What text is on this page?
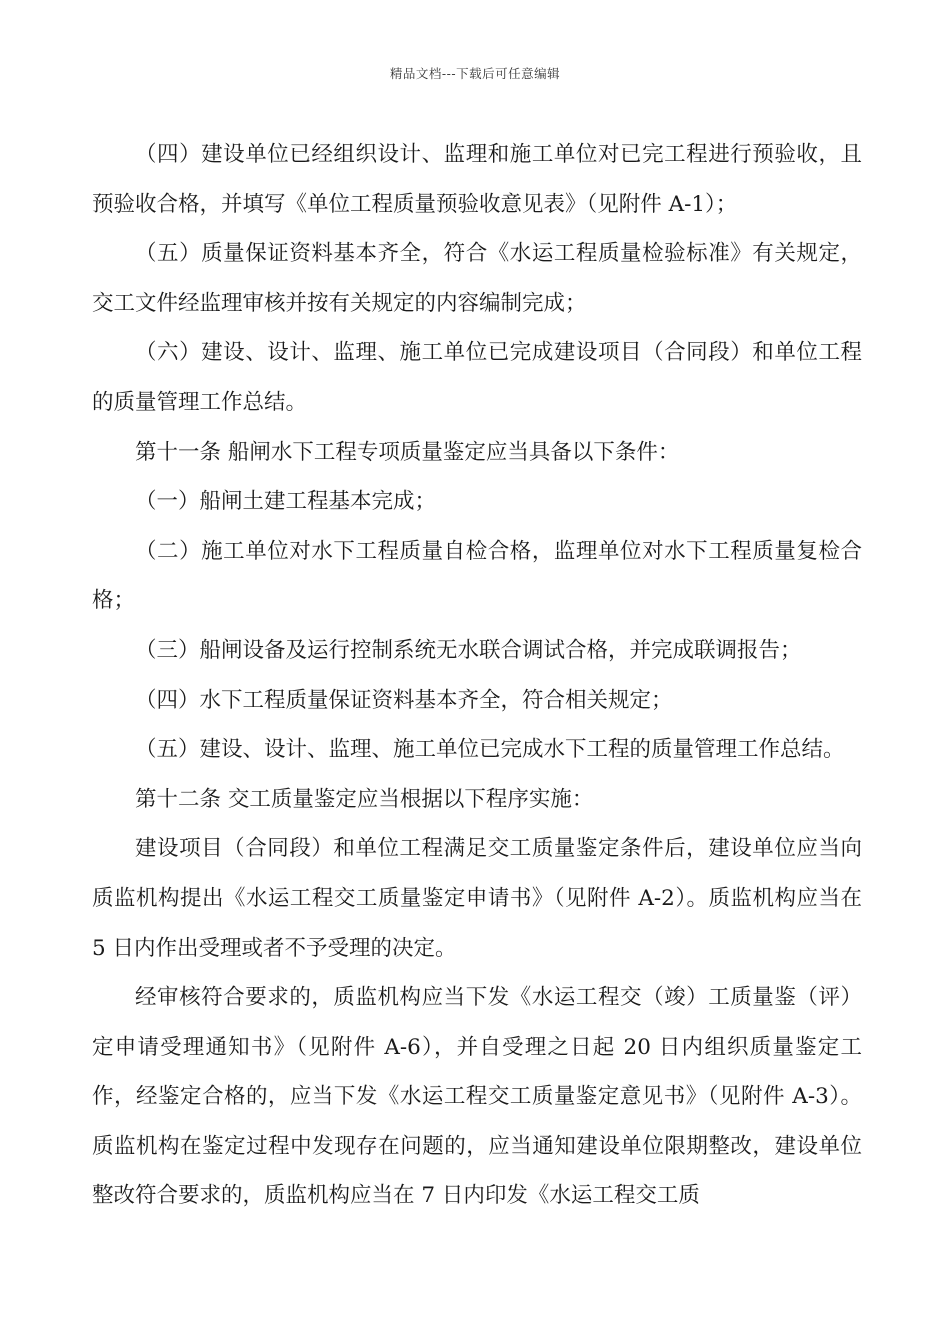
精品文档---下载后可任意编辑

（四）建设单位已经组织设计、监理和施工单位对已完工程进行预验收，且预验收合格，并填写《单位工程质量预验收意见表》（见附件 A-1）；

（五）质量保证资料基本齐全，符合《水运工程质量检验标准》有关规定，交工文件经监理审核并按有关规定的内容编制完成；

（六）建设、设计、监理、施工单位已完成建设项目（合同段）和单位工程的质量管理工作总结。

第十一条 船闸水下工程专项质量鉴定应当具备以下条件：

（一）船闸土建工程基本完成；

（二）施工单位对水下工程质量自检合格，监理单位对水下工程质量复检合格；

（三）船闸设备及运行控制系统无水联合调试合格，并完成联调报告；

（四）水下工程质量保证资料基本齐全，符合相关规定；

（五）建设、设计、监理、施工单位已完成水下工程的质量管理工作总结。

第十二条 交工质量鉴定应当根据以下程序实施：

建设项目（合同段）和单位工程满足交工质量鉴定条件后，建设单位应当向质监机构提出《水运工程交工质量鉴定申请书》（见附件 A-2）。质监机构应当在 5 日内作出受理或者不予受理的决定。

经审核符合要求的，质监机构应当下发《水运工程交（竣）工质量鉴（评）定申请受理通知书》（见附件 A-6），并自受理之日起 20 日内组织质量鉴定工作，经鉴定合格的，应当下发《水运工程交工质量鉴定意见书》（见附件 A-3）。质监机构在鉴定过程中发现存在问题的，应当通知建设单位限期整改，建设单位整改符合要求的，质监机构应当在 7 日内印发《水运工程交工质
